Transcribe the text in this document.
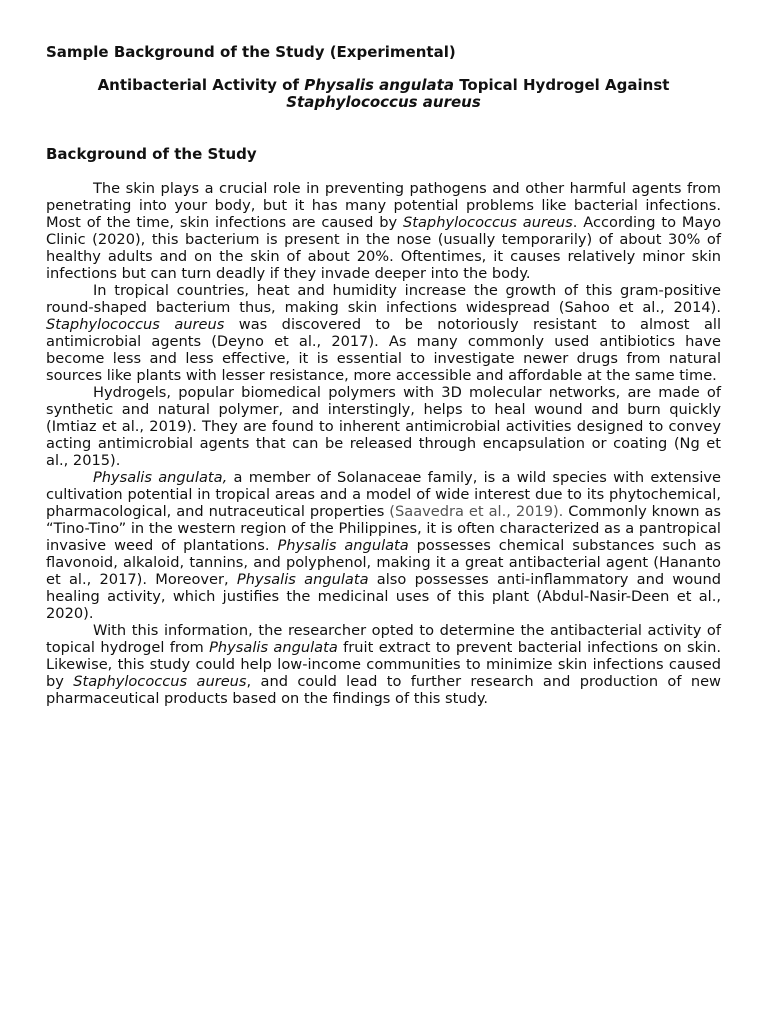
Sample Background of the Study (Experimental)
Antibacterial Activity of Physalis angulata Topical Hydrogel Against
Staphylococcus aureus
Background of the Study

The skin plays a crucial role in preventing pathogens and other harmful agents from penetrating into your body, but it has many potential problems like bacterial infections. Most of the time, skin infections are caused by Staphylococcus aureus. According to Mayo Clinic (2020), this bacterium is present in the nose (usually temporarily) of about 30% of healthy adults and on the skin of about 20%. Oftentimes, it causes relatively minor skin infections but can turn deadly if they invade deeper into the body.

In tropical countries, heat and humidity increase the growth of this gram-positive round-shaped bacterium thus, making skin infections widespread (Sahoo et al., 2014). Staphylococcus aureus was discovered to be notoriously resistant to almost all antimicrobial agents (Deyno et al., 2017). As many commonly used antibiotics have become less and less effective, it is essential to investigate newer drugs from natural sources like plants with lesser resistance, more accessible and affordable at the same time.

Hydrogels, popular biomedical polymers with 3D molecular networks, are made of synthetic and natural polymer, and interstingly, helps to heal wound and burn quickly (Imtiaz et al., 2019). They are found to inherent antimicrobial activities designed to convey acting antimicrobial agents that can be released through encapsulation or coating (Ng et al., 2015).

Physalis angulata, a member of Solanaceae family, is a wild species with extensive cultivation potential in tropical areas and a model of wide interest due to its phytochemical, pharmacological, and nutraceutical properties (Saavedra et al., 2019). Commonly known as “Tino-Tino” in the western region of the Philippines, it is often characterized as a pantropical invasive weed of plantations. Physalis angulata possesses chemical substances such as flavonoid, alkaloid, tannins, and polyphenol, making it a great antibacterial agent (Hananto et al., 2017). Moreover, Physalis angulata also possesses anti-inflammatory and wound healing activity, which justifies the medicinal uses of this plant (Abdul-Nasir-Deen et al., 2020).

With this information, the researcher opted to determine the antibacterial activity of topical hydrogel from Physalis angulata fruit extract to prevent bacterial infections on skin. Likewise, this study could help low-income communities to minimize skin infections caused by Staphylococcus aureus, and could lead to further research and production of new pharmaceutical products based on the findings of this study.
